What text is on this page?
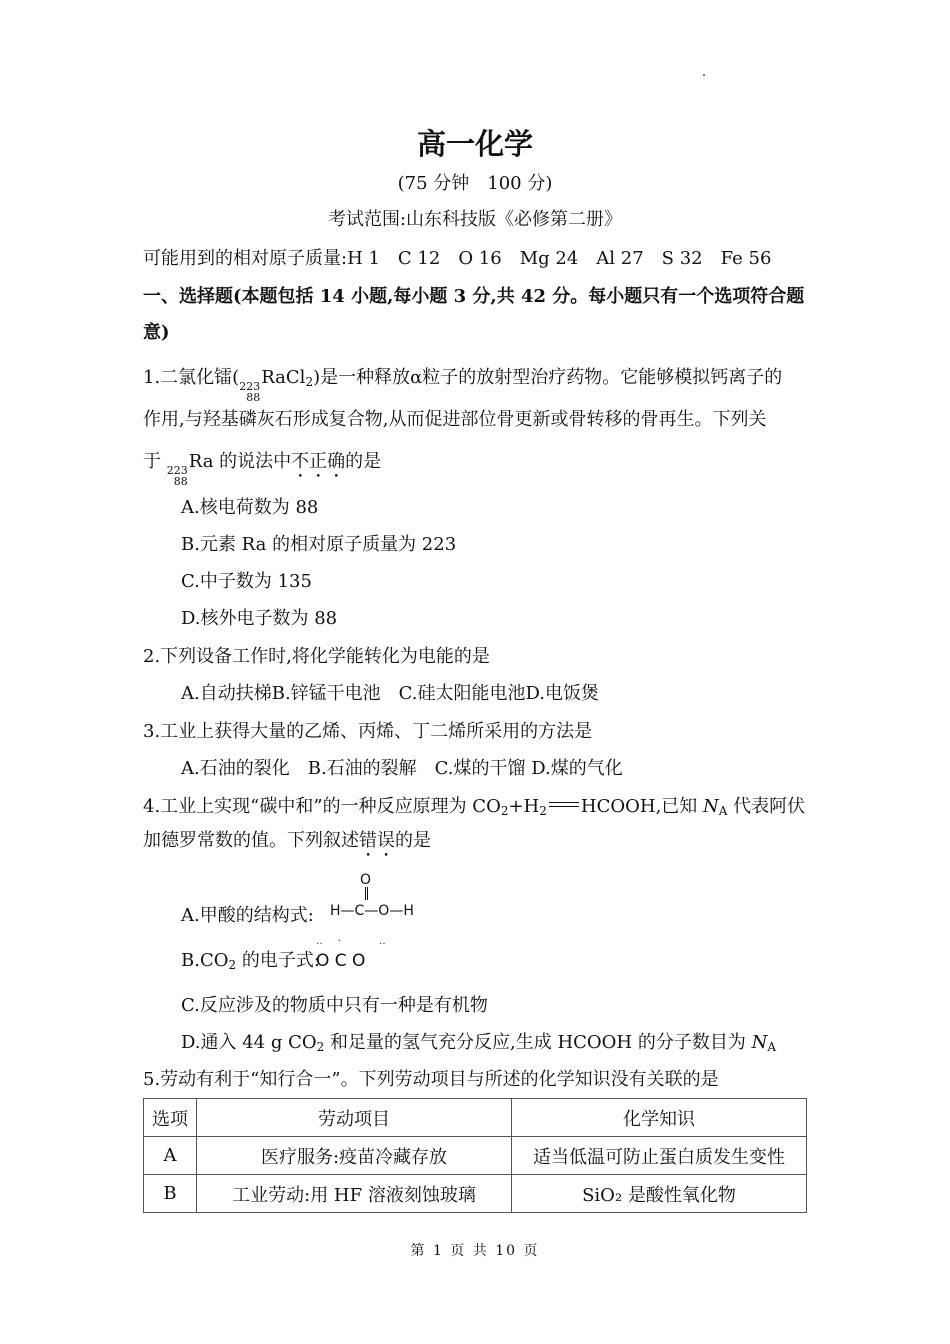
高一化学
(75 分钟　100 分)
考试范围:山东科技版《必修第二册》
可能用到的相对原子质量:H 1　C 12　O 16　Mg 24　Al 27　S 32　Fe 56
一、选择题(本题包括 14 小题,每小题 3 分,共 42 分。每小题只有一个选项符合题
意)
1.二氯化镭( 223
88
RaCl$_2$)是一种释放α粒子的放射型治疗药物。它能够模拟钙离子的
作用,与羟基磷灰石形成复合物,从而促进部位骨更新或骨转移的骨再生。下列关
于 223
88
Ra 的说法中不正确的是
A.核电荷数为 88
B.元素 Ra 的相对原子质量为 223
C.中子数为 135
D.核外电子数为 88
2.下列设备工作时,将化学能转化为电能的是
A.自动扶梯B.锌锰干电池　C.硅太阳能电池D.电饭煲
3.工业上获得大量的乙烯、丙烯、丁二烯所采用的方法是
A.石油的裂化　B.石油的裂解　C.煤的干馏 D.煤的气化
4.工业上实现“碳中和”的一种反应原理为 $CO_2+H_2$ HCOOH,已知 $N_A$ 代表阿伏
加德罗常数的值。下列叙述错误的是
A.甲酸的结构式:
O
H—C—O—H
$B.CO_2$ 的电子式:
‥ ·　　‥
O C O
C.反应涉及的物质中只有一种是有机物
D.通入 44 g $CO_2$ 和足量的氢气充分反应,生成 HCOOH 的分子数目为 $N_A$
5.劳动有利于“知行合一”。下列劳动项目与所述的化学知识没有关联的是
选项	劳动项目	化学知识
A	医疗服务:疫苗冷藏存放	适当低温可防止蛋白质发生变性
B	工业劳动:用 HF 溶液刻蚀玻璃	SiO₂ 是酸性氧化物
第 1 页 共 10 页
